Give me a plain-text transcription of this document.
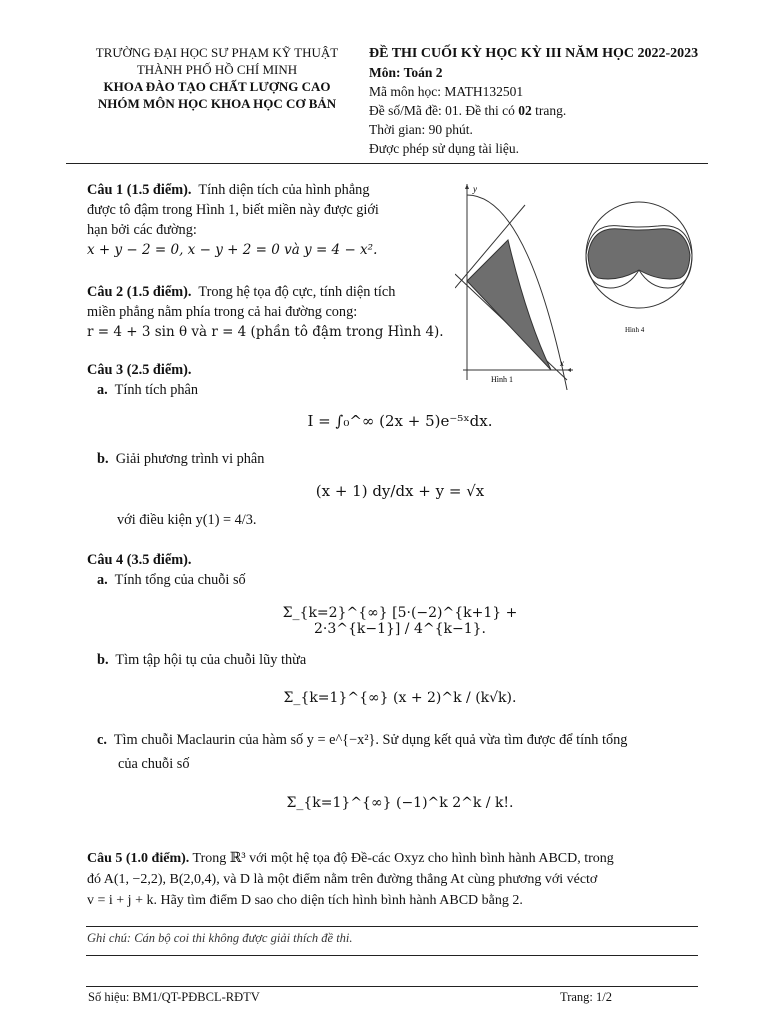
TRƯỜNG ĐẠI HỌC SƯ PHẠM KỸ THUẬT
THÀNH PHỐ HỒ CHÍ MINH
KHOA ĐÀO TẠO CHẤT LƯỢNG CAO
NHÓM MÔN HỌC KHOA HỌC CƠ BẢN
ĐỀ THI CUỐI KỲ HỌC KỲ III NĂM HỌC 2022-2023
Môn: Toán 2
Mã môn học: MATH132501
Đề số/Mã đề: 01. Đề thi có 02 trang.
Thời gian: 90 phút.
Được phép sử dụng tài liệu.
Câu 1 (1.5 điểm). Tính diện tích của hình phẳng
được tô đậm trong Hình 1, biết miền này được giới
hạn bởi các đường:
x + y − 2 = 0, x − y + 2 = 0 và y = 4 − x².
y
x
Hình 1
Hình 4
Câu 2 (1.5 điểm). Trong hệ tọa độ cực, tính diện tích
miền phẳng nằm phía trong cả hai đường cong:
r = 4 + 3 sin θ và r = 4 (phần tô đậm trong Hình 4).
Câu 3 (2.5 điểm).
a. Tính tích phân
I = ∫₀^∞ (2x + 5)e⁻⁵ˣdx.
b. Giải phương trình vi phân
(x + 1) dy/dx + y = √x
với điều kiện y(1) = 4/3.
Câu 4 (3.5 điểm).
a. Tính tổng của chuỗi số
Σ_{k=2}^{∞} [5·(−2)^{k+1} + 2·3^{k−1}] / 4^{k−1}.
b. Tìm tập hội tụ của chuỗi lũy thừa
Σ_{k=1}^{∞} (x + 2)^k / (k√k).
c. Tìm chuỗi Maclaurin của hàm số y = e^{−x²}. Sử dụng kết quả vừa tìm được để tính tổng
của chuỗi số
Σ_{k=1}^{∞} (−1)^k 2^k / k!.
Câu 5 (1.0 điểm). Trong ℝ³ với một hệ tọa độ Đề-các Oxyz cho hình bình hành ABCD, trong
đó A(1, −2,2), B(2,0,4), và D là một điểm nằm trên đường thẳng At cùng phương với véctơ
v = i + j + k. Hãy tìm điểm D sao cho diện tích hình bình hành ABCD bằng 2.
Ghi chú: Cán bộ coi thi không được giải thích đề thi.
Số hiệu: BM1/QT-PĐBCL-RĐTV	Trang: 1/2
